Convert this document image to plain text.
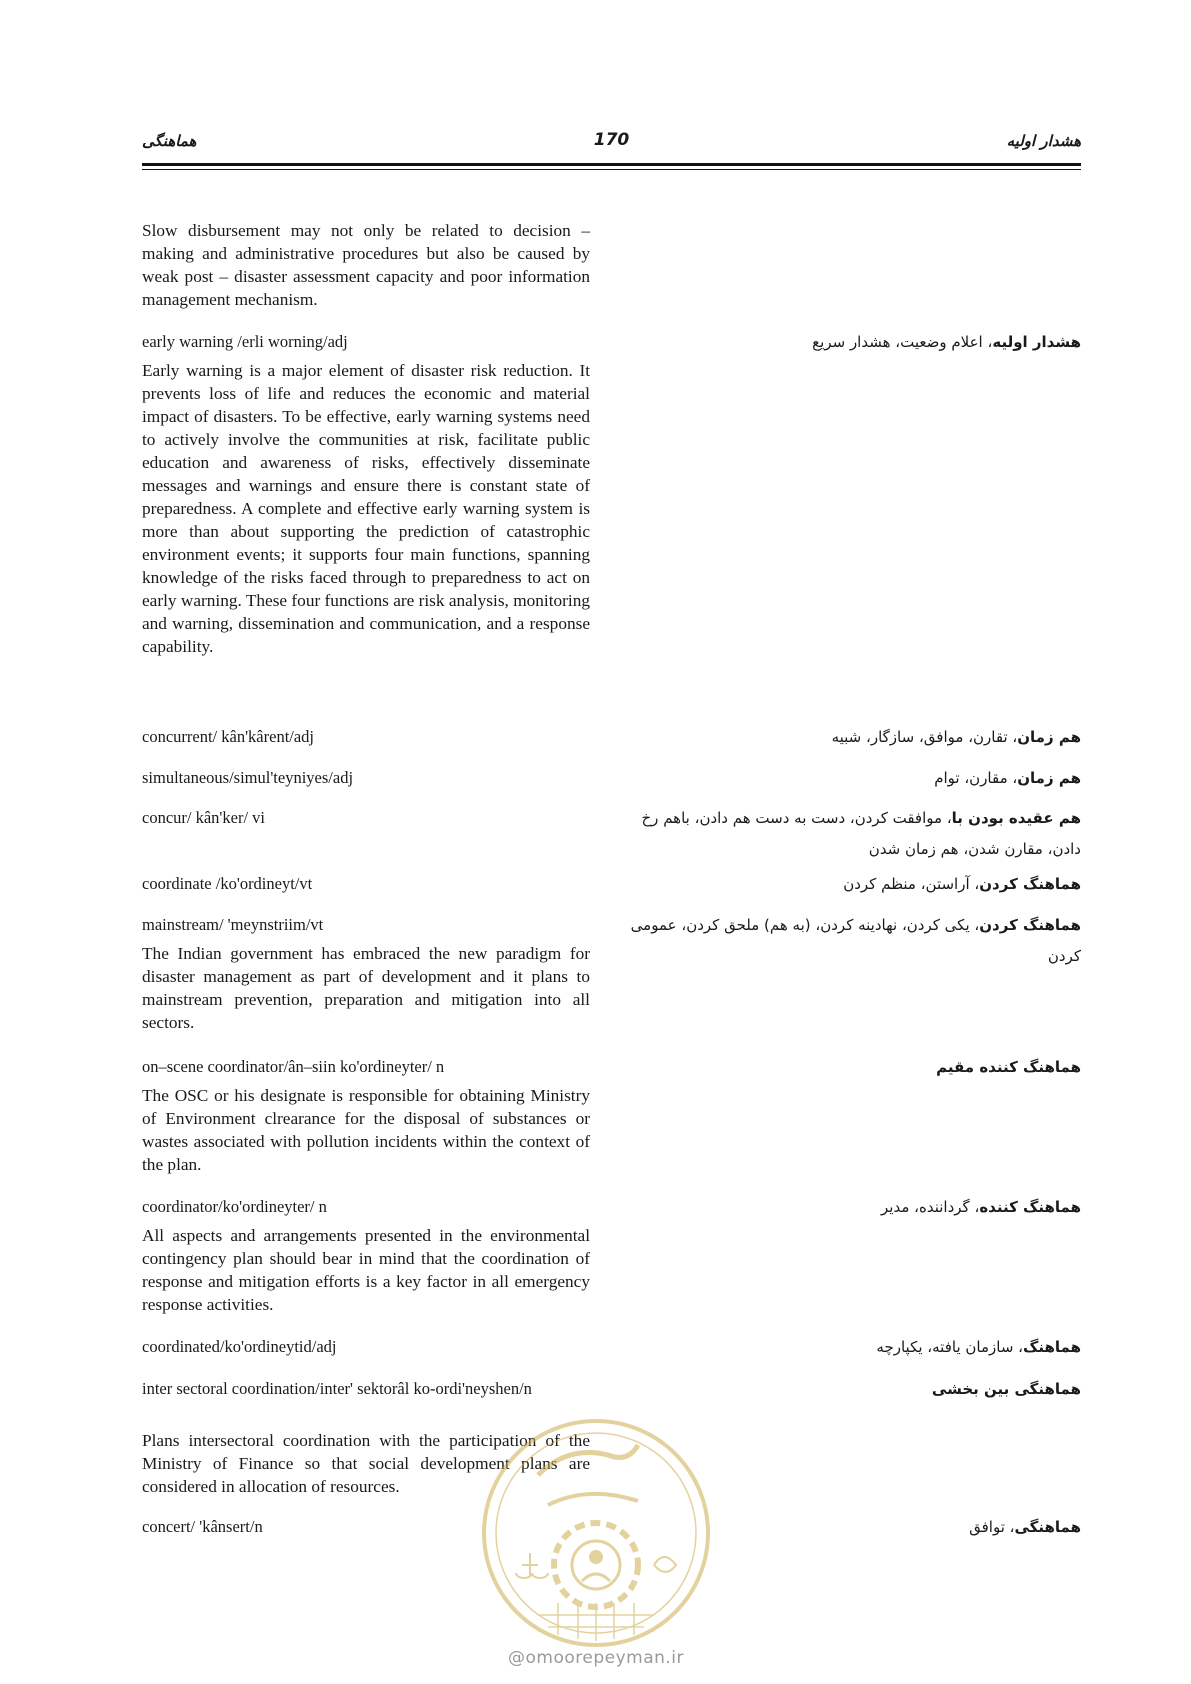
هماهنگی	170	هشدار اولیه
Slow disbursement may not only be related to decision – making and administrative procedures but also be caused by weak post – disaster assessment capacity and poor information management mechanism.
early warning /erli worning/adj	هشدار اولیه، اعلام وضعیت، هشدار سریع
Early warning is a major element of disaster risk reduction. It prevents loss of life and reduces the economic and material impact of disasters. To be effective, early warning systems need to actively involve the communities at risk, facilitate public education and awareness of risks, effectively disseminate messages and warnings and ensure there is constant state of preparedness. A complete and effective early warning system is more than about supporting the prediction of catastrophic environment events; it supports four main functions, spanning knowledge of the risks faced through to preparedness to act on early warning. These four functions are risk analysis, monitoring and warning, dissemination and communication, and a response capability.
concurrent/ kân'kârent/adj	هم زمان، تقارن، موافق، سازگار، شبیه
simultaneous/simul'teyniyes/adj	هم زمان، مقارن، توام
concur/ kân'ker/ vi	هم عقیده بودن با، موافقت کردن، دست به دست هم دادن، باهم رخ دادن، مقارن شدن، هم زمان شدن
coordinate /ko'ordineyt/vt	هماهنگ کردن، آراستن، منظم کردن
mainstream/ 'meynstriim/vt	هماهنگ کردن، یکی کردن، نهادینه کردن، (به هم) ملحق کردن، عمومی کردن
The Indian government has embraced the new paradigm for disaster management as part of development and it plans to mainstream prevention, preparation and mitigation into all sectors.
on–scene coordinator/ân–siin ko'ordineyter/ n	هماهنگ کننده مقیم
The OSC or his designate is responsible for obtaining Ministry of Environment clrearance for the disposal of substances or wastes associated with pollution incidents within the context of the plan.
coordinator/ko'ordineyter/ n	هماهنگ کننده، گرداننده، مدیر
All aspects and arrangements presented in the environmental contingency plan should bear in mind that the coordination of response and mitigation efforts is a key factor in all emergency response activities.
coordinated/ko'ordineytid/adj	هماهنگ، سازمان یافته، یکپارچه
inter sectoral coordination/inter' sektorâl ko-ordi'neyshen/n	هماهنگی بین بخشی
Plans intersectoral coordination with the participation of the Ministry of Finance so that social development plans are considered in allocation of resources.
concert/ 'kânsert/n	هماهنگی، توافق
@omoorepeyman.ir
